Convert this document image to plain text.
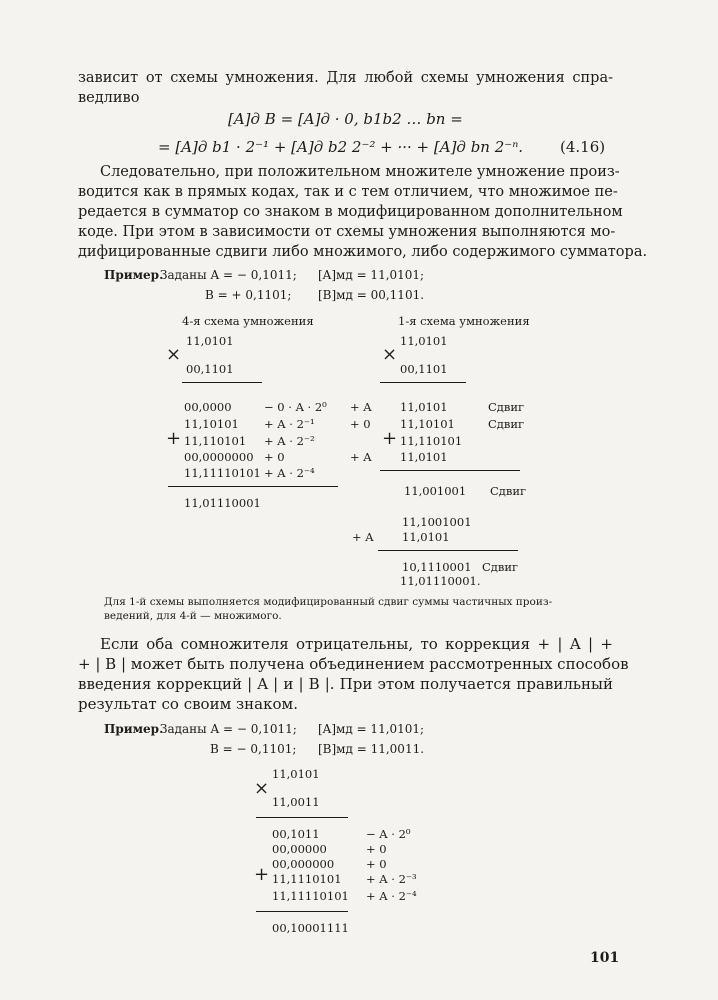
зависит от схемы умножения. Для любой схемы умножения спра-
ведливо
[A]д B = [A]д · 0, b1b2 … bn =
= [A]д b1 · 2⁻¹ + [A]д b2 2⁻² + ··· + [A]д bn 2⁻ⁿ. (4.16)
Следовательно, при положительном множителе умножение произ-
водится как в прямых кодах, так и с тем отличием, что множимое пе-
редается в сумматор со знаком в модифицированном дополнительном
коде. При этом в зависимости от схемы умножения выполняются мо-
дифицированные сдвиги либо множимого, либо содержимого сумматора.
Пример.
Заданы A = − 0,1011; [A]мд = 11,0101;
B = + 0,1101; [B]мд = 00,1101.
4-я схема умножения
11,0101
×
00,1101
00,0000
11,10101
+ 11,110101
00,0000000
11,11110101
− 0 · A · 2⁰
+ A · 2⁻¹
+ A · 2⁻²
+ 0
+ A · 2⁻⁴
11,01110001
1-я схема умножения
11,0101
×
00,1101
+ A
+ 0
+ A
11,0101
11,10101
+ 11,110101
11,0101
Сдвиг
Сдвиг
11,001001 Сдвиг
11,1001001
+ A 11,0101
10,1110001 Сдвиг
11,01110001.
Для 1-й схемы выполняется модифицированный сдвиг суммы частичных произ-
ведений, для 4-й — множимого.
Если оба сомножителя отрицательны, то коррекция + | A | +
+ | B | может быть получена объединением рассмотренных способов
введения коррекций | A | и | B |. При этом получается правильный
результат со своим знаком.
Пример.
Заданы A = − 0,1011; [A]мд = 11,0101;
B = − 0,1101; [B]мд = 11,0011.
11,0101
×
11,0011
00,1011
00,00000
00,000000
+ 11,1110101
11,11110101
− A · 2⁰
+ 0
+ 0
+ A · 2⁻³
+ A · 2⁻⁴
00,10001111
101
